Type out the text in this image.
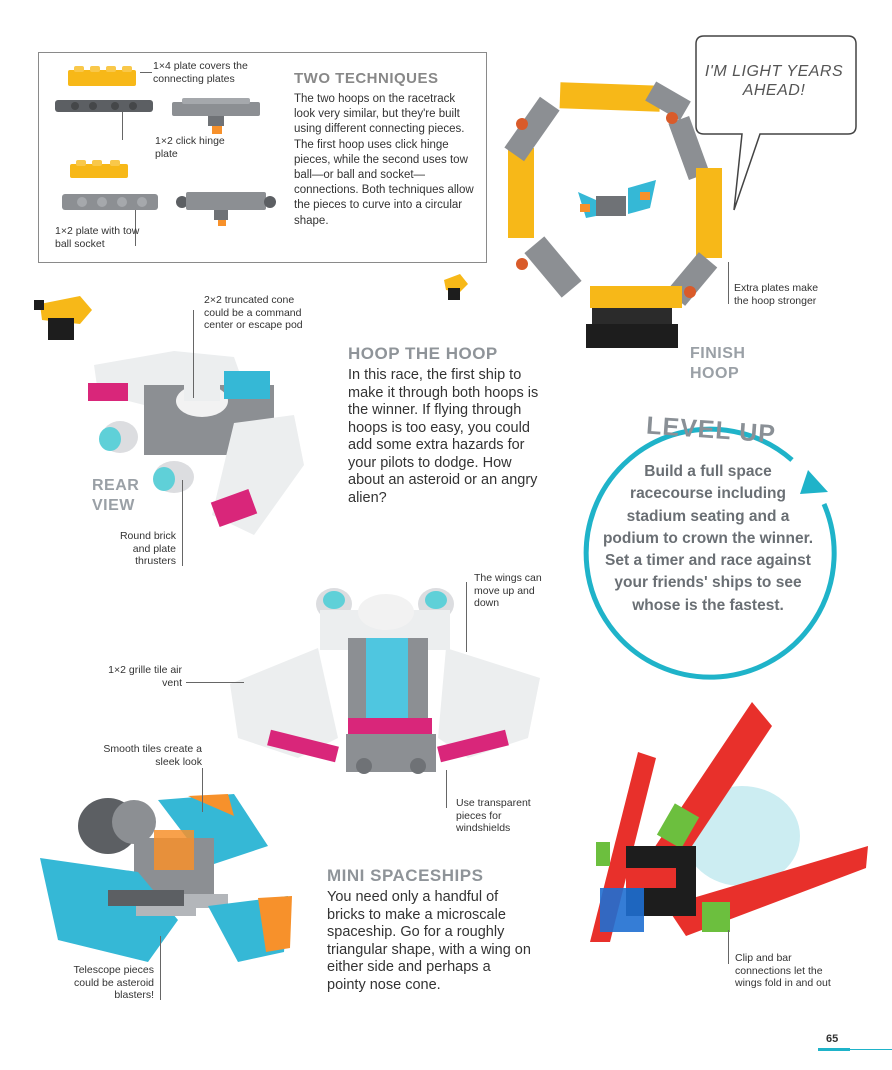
1×4 plate covers the connecting plates
1×2 click hinge plate
1×2 plate with tow ball socket
TWO TECHNIQUES
The two hoops on the racetrack look very similar, but they're built using different connecting pieces. The first hoop uses click hinge pieces, while the second uses tow ball—or ball and socket—connections. Both techniques allow the pieces to curve into a circular shape.
I'M LIGHT YEARS AHEAD!
Extra plates make the hoop stronger
FINISH HOOP
2×2 truncated cone could be a command center or escape pod
REAR VIEW
Round brick and plate thrusters
HOOP THE HOOP
In this race, the first ship to make it through both hoops is the winner. If flying through hoops is too easy, you could add some extra hazards for your pilots to dodge. How about an asteroid or an angry alien?
LEVEL UP
Build a full space racecourse including stadium seating and a podium to crown the winner. Set a timer and race against your friends' ships to see whose is the fastest.
The wings can move up and down
1×2 grille tile air vent
Use transparent pieces for windshields
Smooth tiles create a sleek look
Telescope pieces could be asteroid blasters!
MINI SPACESHIPS
You need only a handful of bricks to make a microscale spaceship. Go for a roughly triangular shape, with a wing on either side and perhaps a pointy nose cone.
Clip and bar connections let the wings fold in and out
65
